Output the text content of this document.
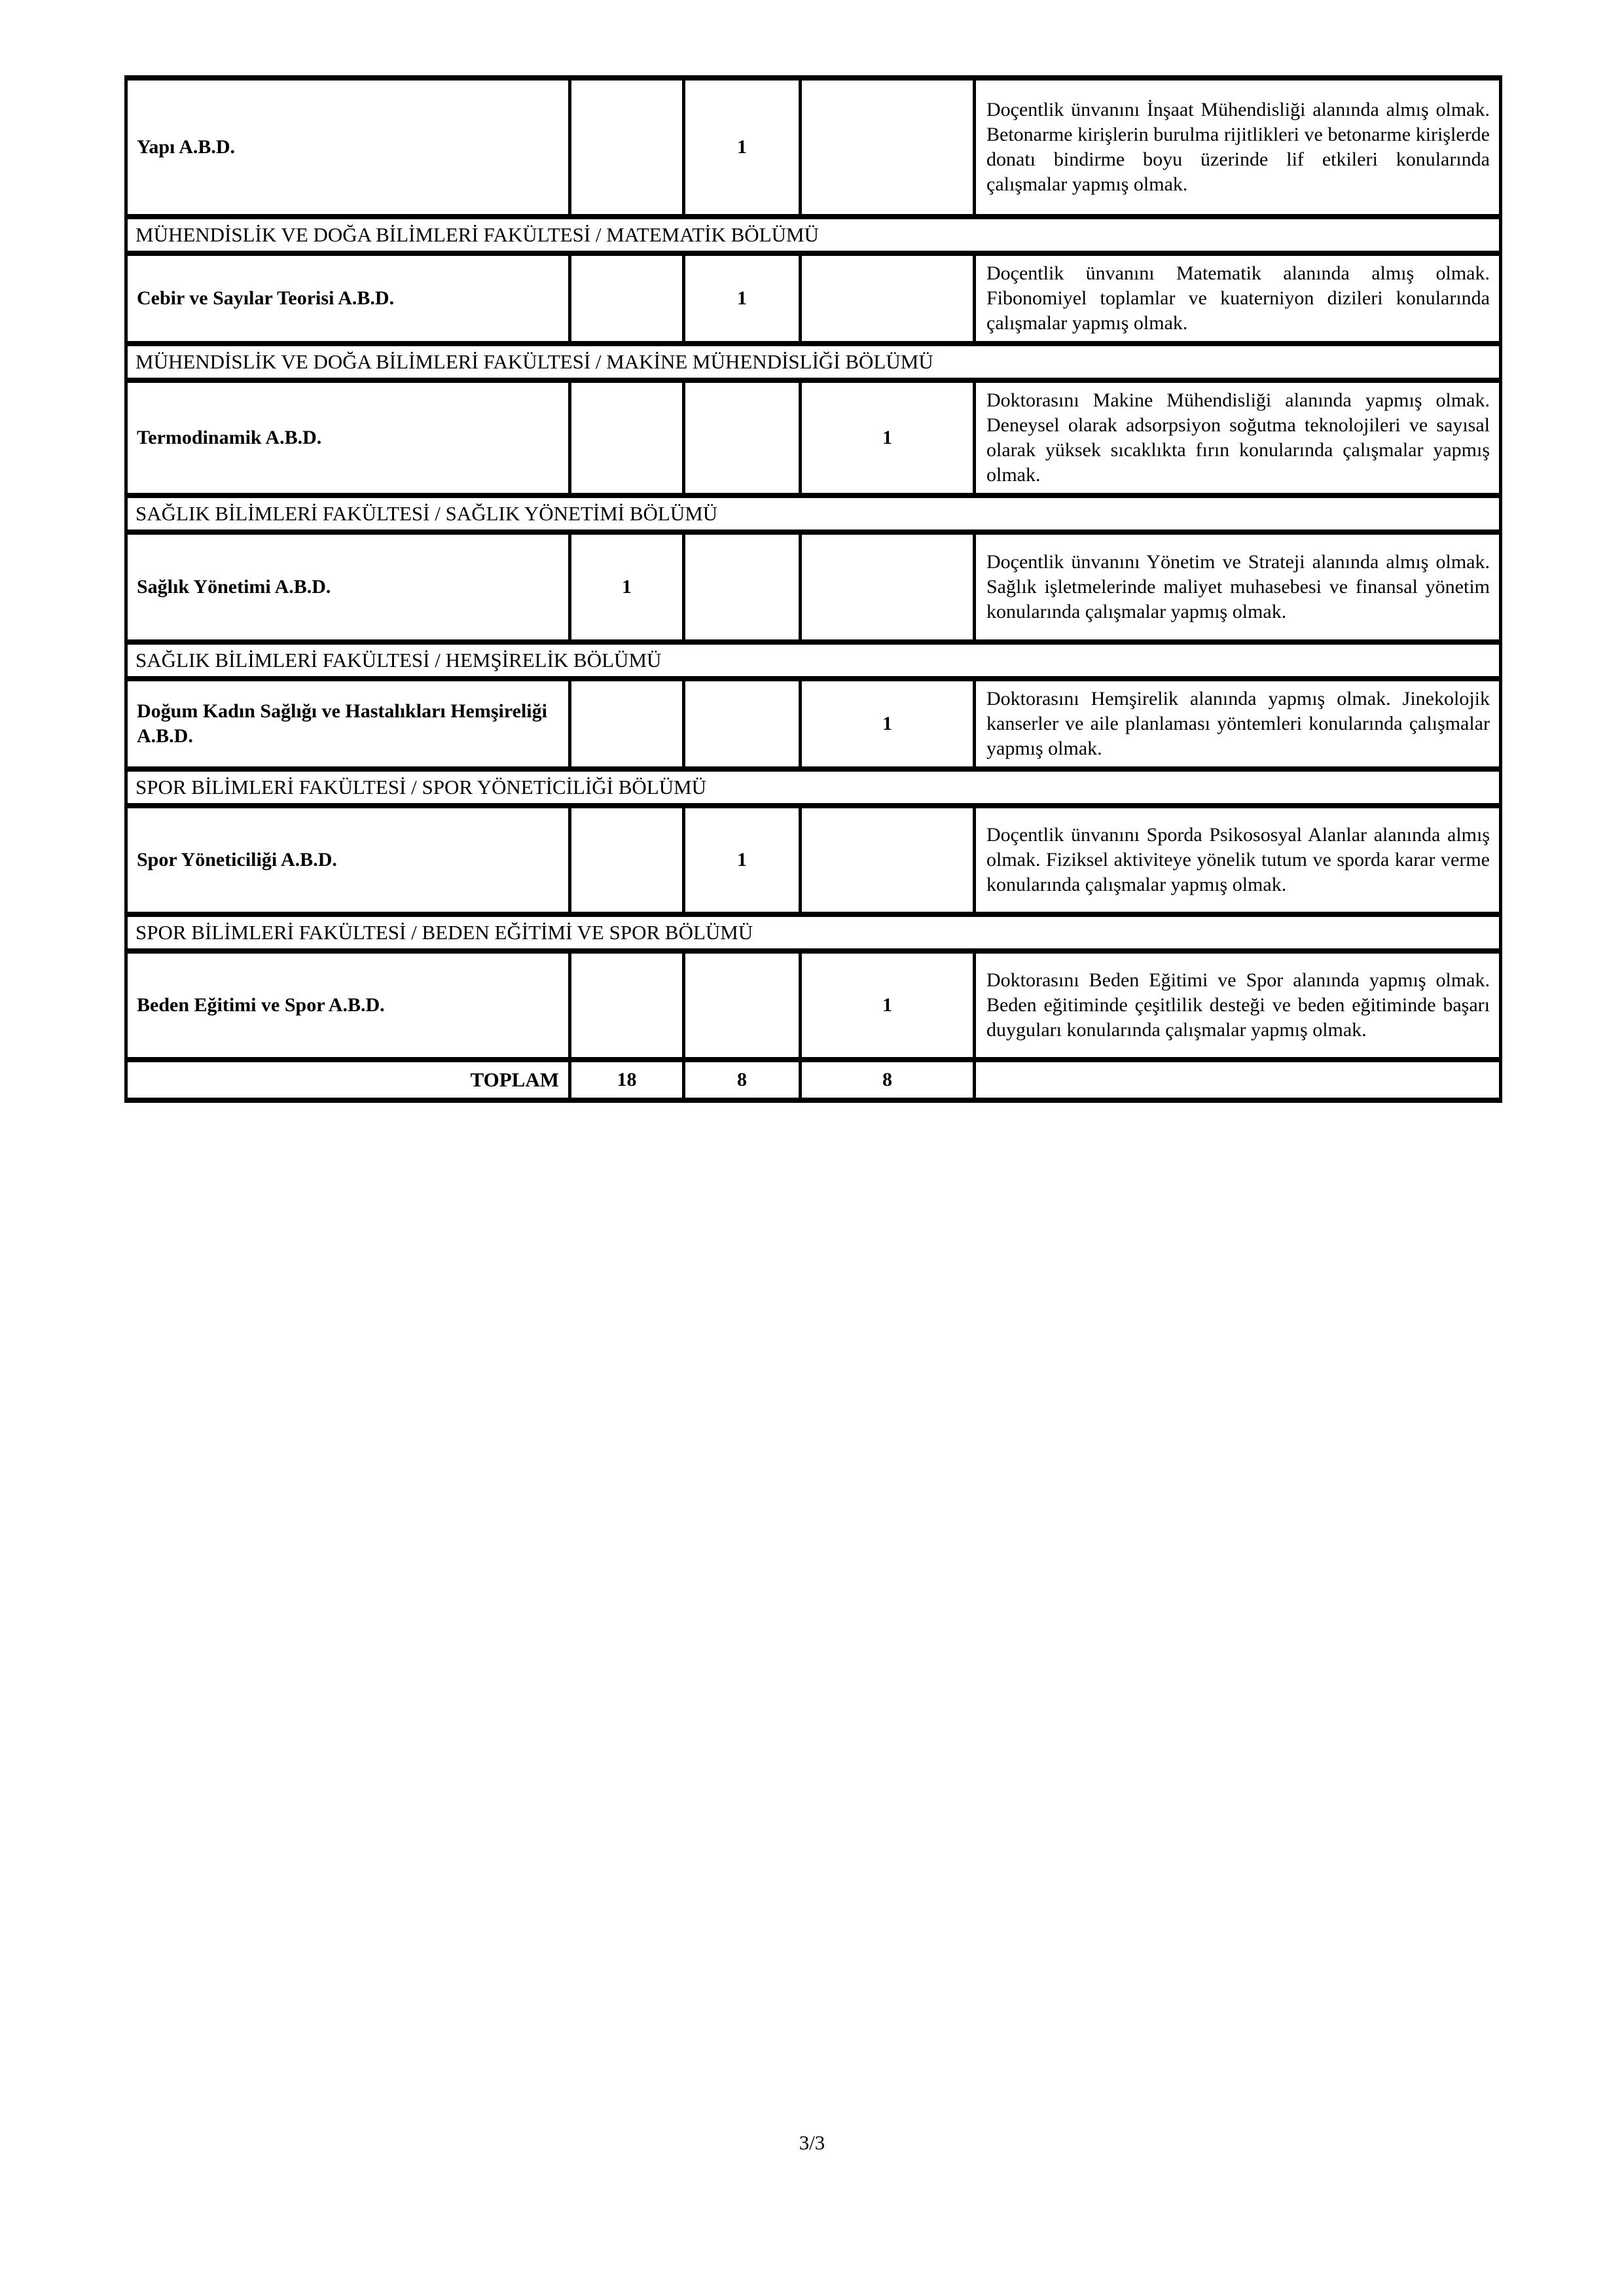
Yapı A.B.D.		1		Doçentlik ünvanını İnşaat Mühendisliği alanında almış olmak. Betonarme kirişlerin burulma rijitlikleri ve betonarme kirişlerde donatı bindirme boyu üzerinde lif etkileri konularında çalışmalar yapmış olmak.
MÜHENDİSLİK VE DOĞA BİLİMLERİ FAKÜLTESİ / MATEMATİK BÖLÜMÜ				
Cebir ve Sayılar Teorisi A.B.D.		1		Doçentlik ünvanını Matematik alanında almış olmak. Fibonomiyel toplamlar ve kuaterniyon dizileri konularında çalışmalar yapmış olmak.
MÜHENDİSLİK VE DOĞA BİLİMLERİ FAKÜLTESİ / MAKİNE MÜHENDİSLİĞİ BÖLÜMÜ				
Termodinamik A.B.D.			1	Doktorasını Makine Mühendisliği alanında yapmış olmak. Deneysel olarak adsorpsiyon soğutma teknolojileri ve sayısal olarak yüksek sıcaklıkta fırın konularında çalışmalar yapmış olmak.
SAĞLIK BİLİMLERİ FAKÜLTESİ / SAĞLIK YÖNETİMİ BÖLÜMÜ				
Sağlık Yönetimi A.B.D.	1			Doçentlik ünvanını Yönetim ve Strateji alanında almış olmak. Sağlık işletmelerinde maliyet muhasebesi ve finansal yönetim konularında çalışmalar yapmış olmak.
SAĞLIK BİLİMLERİ FAKÜLTESİ / HEMŞİRELİK BÖLÜMÜ				
Doğum Kadın Sağlığı ve Hastalıkları Hemşireliği A.B.D.			1	Doktorasını Hemşirelik alanında yapmış olmak. Jinekolojik kanserler ve aile planlaması yöntemleri konularında çalışmalar yapmış olmak.
SPOR BİLİMLERİ FAKÜLTESİ / SPOR YÖNETİCİLİĞİ BÖLÜMÜ				
Spor Yöneticiliği A.B.D.		1		Doçentlik ünvanını Sporda Psikososyal Alanlar alanında almış olmak. Fiziksel aktiviteye yönelik tutum ve sporda karar verme konularında çalışmalar yapmış olmak.
SPOR BİLİMLERİ FAKÜLTESİ / BEDEN EĞİTİMİ VE SPOR BÖLÜMÜ				
Beden Eğitimi ve Spor A.B.D.			1	Doktorasını Beden Eğitimi ve Spor alanında yapmış olmak. Beden eğitiminde çeşitlilik desteği ve beden eğitiminde başarı duyguları konularında çalışmalar yapmış olmak.
TOPLAM	18	8	8	
3/3
